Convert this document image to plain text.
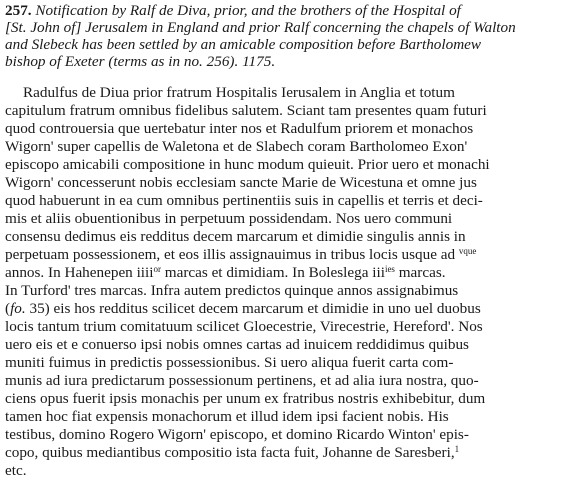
257. Notification by Ralf de Diva, prior, and the brothers of the Hospital of
[St. John of] Jerusalem in England and prior Ralf concerning the chapels of Walton
and Slebeck has been settled by an amicable composition before Bartholomew
bishop of Exeter (terms as in no. 256). 1175.
Radulfus de Diua prior fratrum Hospitalis Ierusalem in Anglia et totum
capitulum fratrum omnibus fidelibus salutem. Sciant tam presentes quam futuri
quod controuersia que uertebatur inter nos et Radulfum priorem et monachos
Wigorn' super capellis de Waletona et de Slabech coram Bartholomeo Exon'
episcopo amicabili compositione in hunc modum quieuit. Prior uero et monachi
Wigorn' concesserunt nobis ecclesiam sancte Marie de Wicestuna et omne jus
quod habuerunt in ea cum omnibus pertinentiis suis in capellis et terris et deci-
mis et aliis obuentionibus in perpetuum possidendam. Nos uero communi
consensu dedimus eis redditus decem marcarum et dimidie singulis annis in
perpetuam possessionem, et eos illis assignauimus in tribus locis usque ad $^{vque}$
annos. In Hahenepen iiii$^{or}$ marcas et dimidiam. In Boleslega iii$^{ies}$ marcas.
In Turford' tres marcas. Infra autem predictos quinque annos assignabimus
(fo. 35) eis hos redditus scilicet decem marcarum et dimidie in uno uel duobus
locis tantum trium comitatuum scilicet Gloecestrie, Virecestrie, Hereford'. Nos
uero eis et e conuerso ipsi nobis omnes cartas ad inuicem reddidimus quibus
muniti fuimus in predictis possessionibus. Si uero aliqua fuerit carta com-
munis ad iura predictarum possessionum pertinens, et ad alia iura nostra, quo-
ciens opus fuerit ipsis monachis per unum ex fratribus nostris exhibebitur, dum
tamen hoc fiat expensis monachorum et illud idem ipsi facient nobis. His
testibus, domino Rogero Wigorn' episcopo, et domino Ricardo Winton' epis-
copo, quibus mediantibus compositio ista facta fuit, Johanne de Saresberi,$^1$
etc.
